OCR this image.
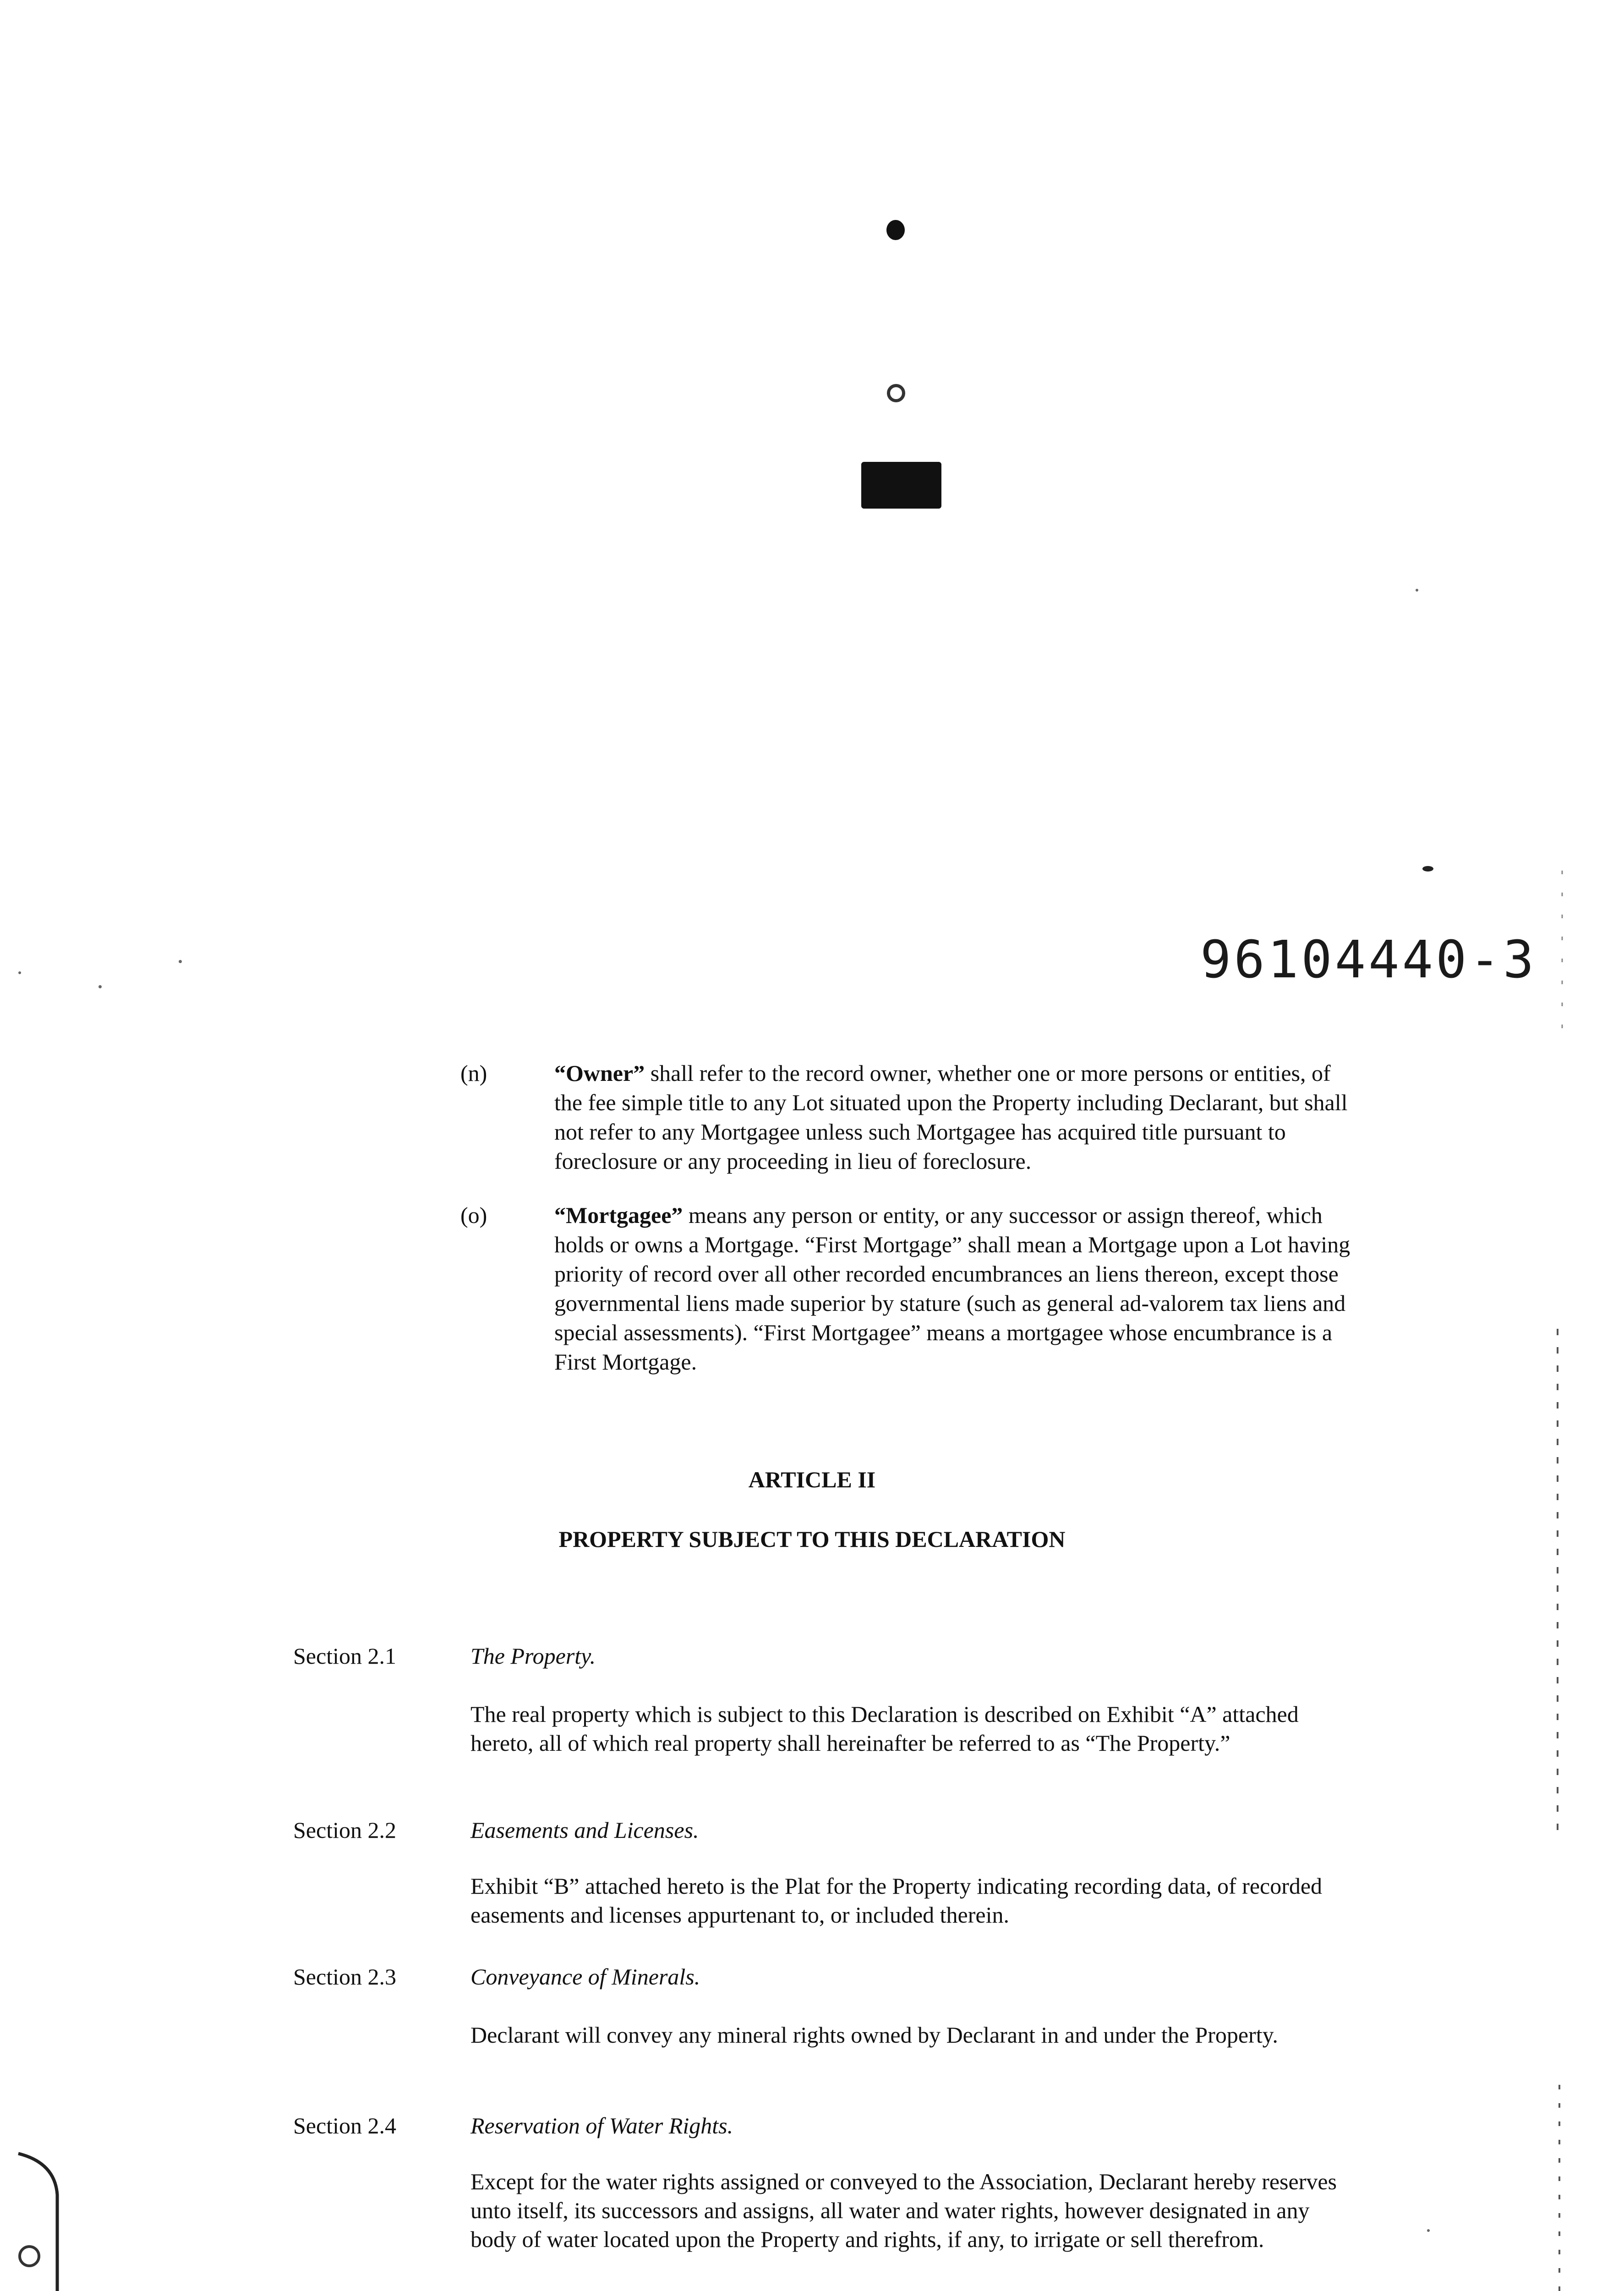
96104440-3
(n)	“Owner” shall refer to the record owner, whether one or more persons or entities, of the fee simple title to any Lot situated upon the Property including Declarant, but shall not refer to any Mortgagee unless such Mortgagee has acquired title pursuant to foreclosure or any proceeding in lieu of foreclosure.
(o)	“Mortgagee” means any person or entity, or any successor or assign thereof, which holds or owns a Mortgage. “First Mortgage” shall mean a Mortgage upon a Lot having priority of record over all other recorded encumbrances an liens thereon, except those governmental liens made superior by stature (such as general ad-valorem tax liens and special assessments). “First Mortgagee” means a mortgagee whose encumbrance is a First Mortgage.
ARTICLE II
PROPERTY SUBJECT TO THIS DECLARATION
Section 2.1	The Property.
The real property which is subject to this Declaration is described on Exhibit “A” attached hereto, all of which real property shall hereinafter be referred to as “The Property.”
Section 2.2	Easements and Licenses.
Exhibit “B” attached hereto is the Plat for the Property indicating recording data, of recorded easements and licenses appurtenant to, or included therein.
Section 2.3	Conveyance of Minerals.
Declarant will convey any mineral rights owned by Declarant in and under the Property.
Section 2.4	Reservation of Water Rights.
Except for the water rights assigned or conveyed to the Association, Declarant hereby reserves unto itself, its successors and assigns, all water and water rights, however designated in any body of water located upon the Property and rights, if any, to irrigate or sell therefrom.
